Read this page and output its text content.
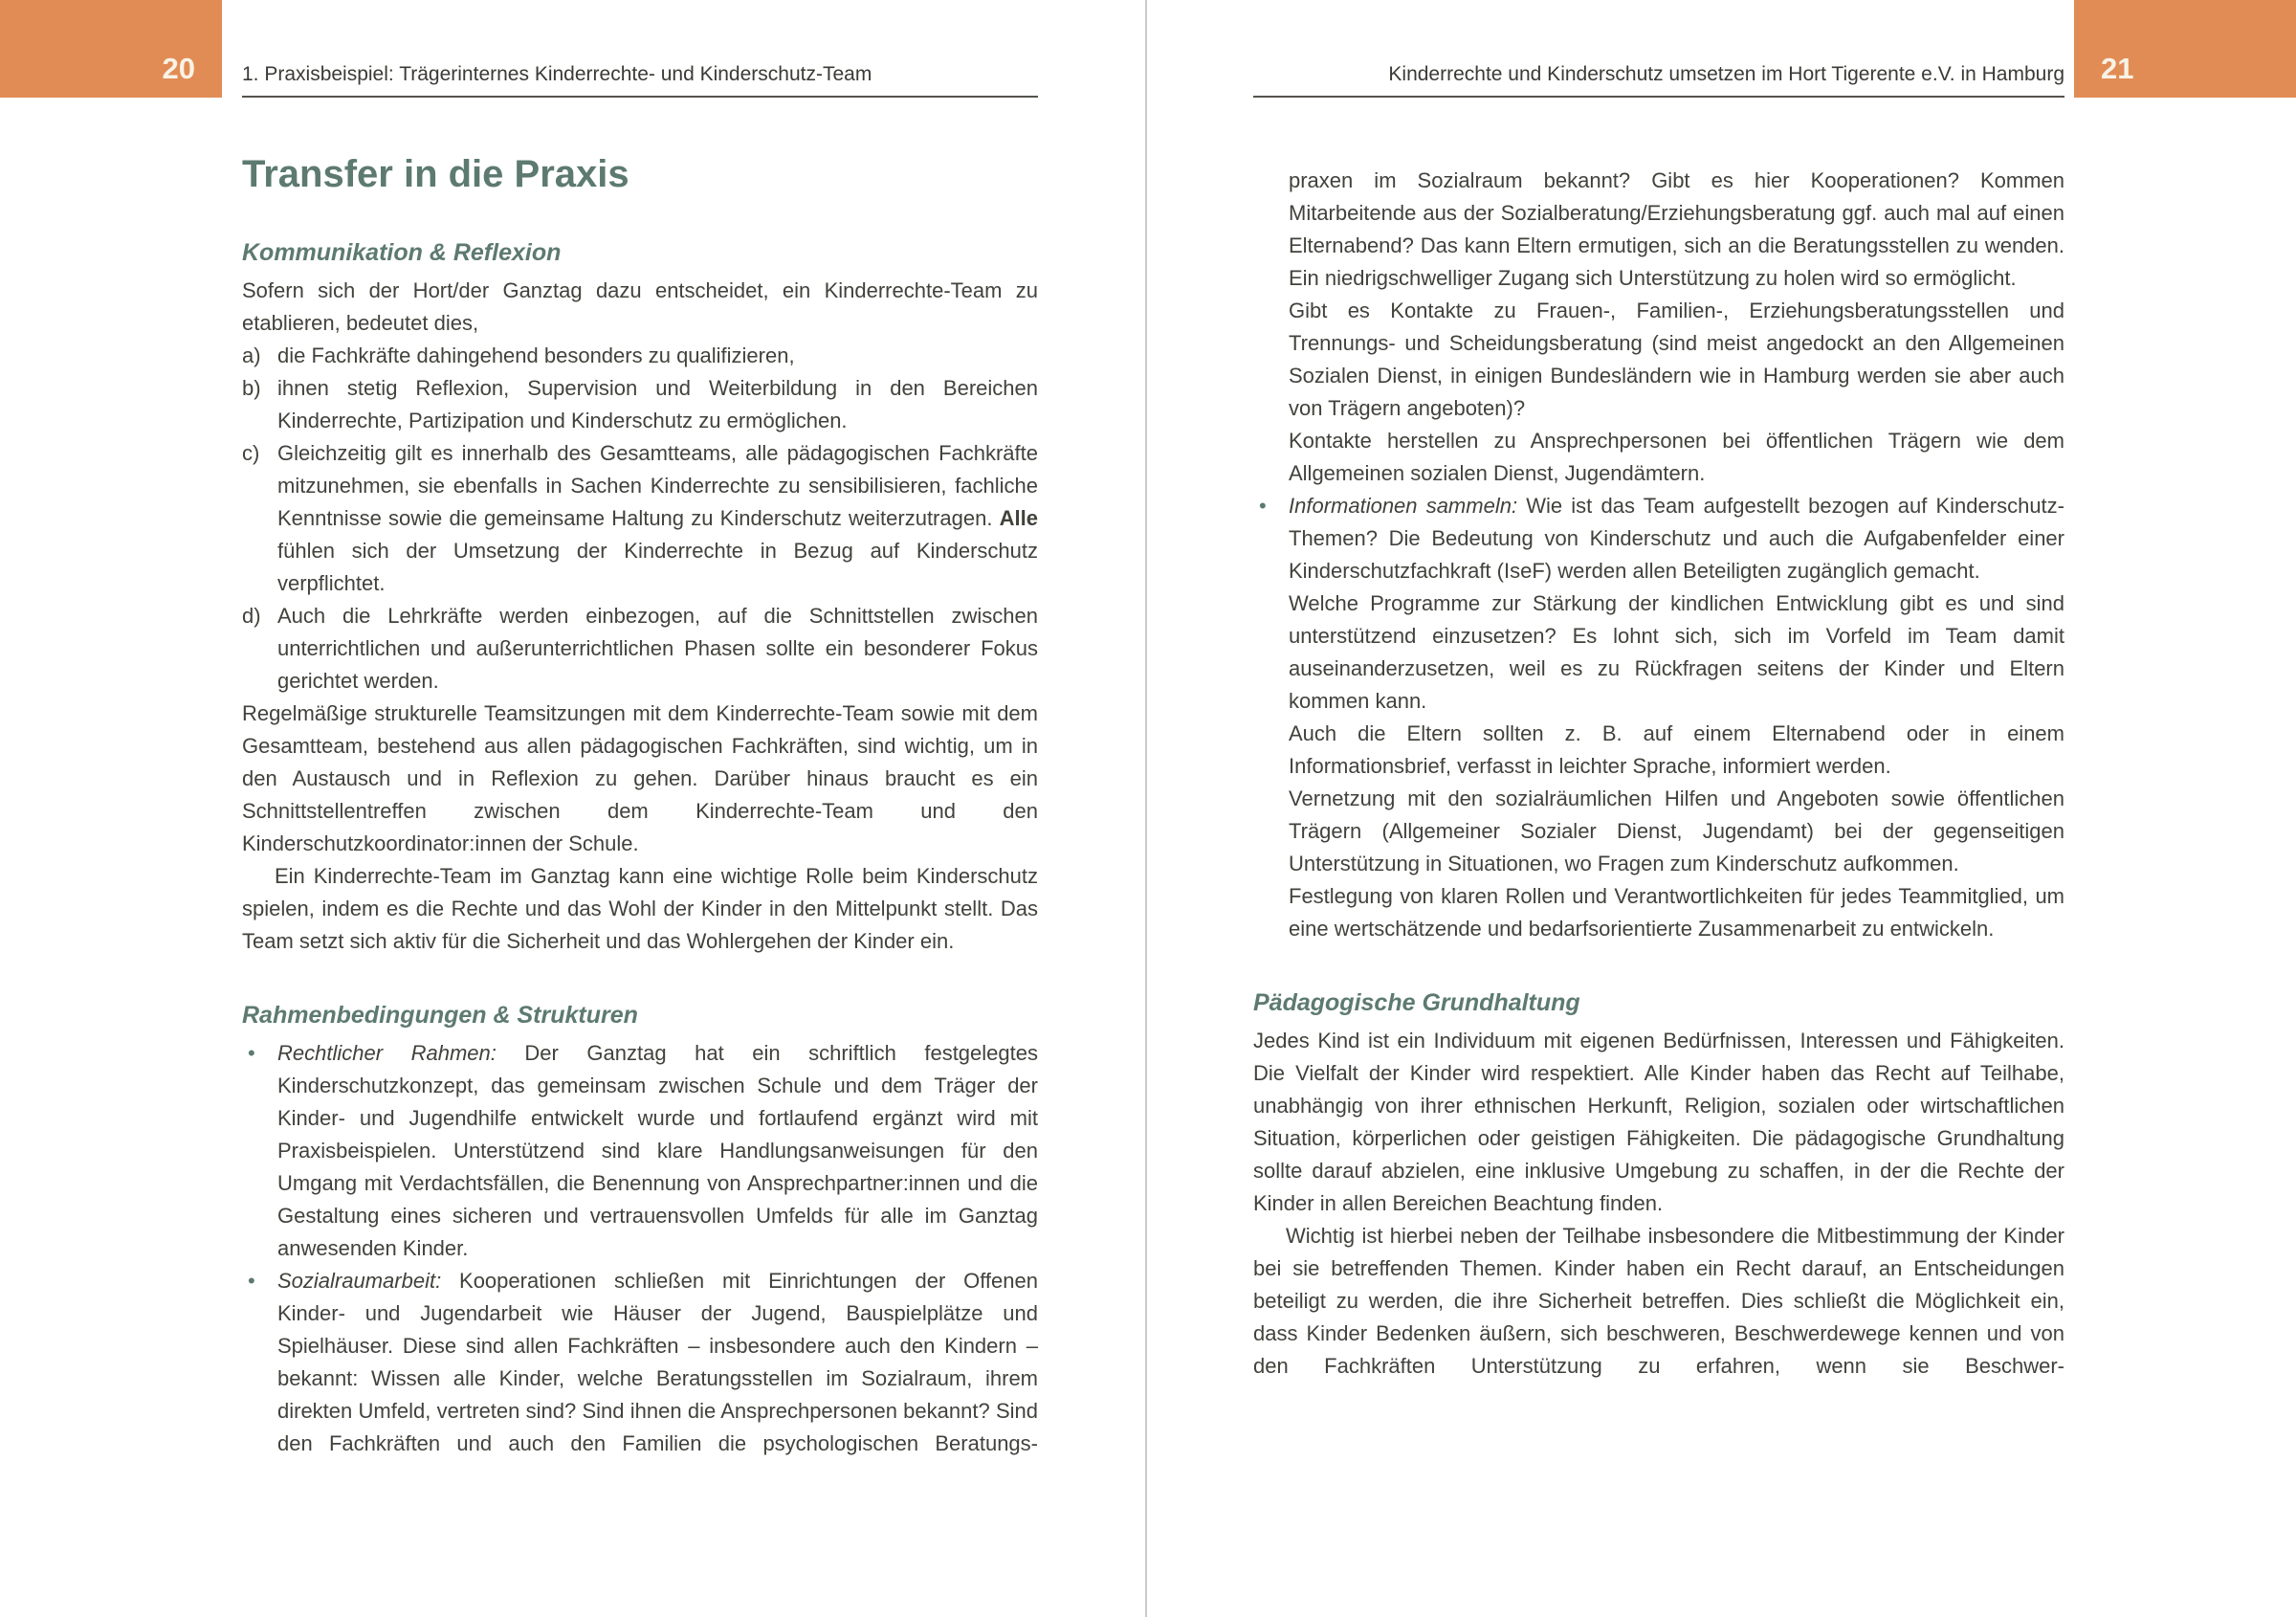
20 1. Praxisbeispiel: Trägerinternes Kinderrechte- und Kinderschutz-Team	Kinderrechte und Kinderschutz umsetzen im Hort Tigerente e.V. in Hamburg 21
Transfer in die Praxis
Kommunikation & Reflexion

Sofern sich der Hort/der Ganztag dazu entscheidet, ein Kinderrechte-Team zu etablieren, bedeutet dies,

a) die Fachkräfte dahingehend besonders zu qualifizieren,

b) ihnen stetig Reflexion, Supervision und Weiterbildung in den Bereichen Kinderrechte, Partizipation und Kinderschutz zu ermöglichen.

c) Gleichzeitig gilt es innerhalb des Gesamtteams, alle pädagogischen Fachkräfte mitzunehmen, sie ebenfalls in Sachen Kinderrechte zu sensibilisieren, fachliche Kenntnisse sowie die gemeinsame Haltung zu Kinderschutz weiterzutragen. Alle fühlen sich der Umsetzung der Kinderrechte in Bezug auf Kinderschutz verpflichtet.

d) Auch die Lehrkräfte werden einbezogen, auf die Schnittstellen zwischen unterrichtlichen und außerunterrichtlichen Phasen sollte ein besonderer Fokus gerichtet werden.

Regelmäßige strukturelle Teamsitzungen mit dem Kinderrechte-Team sowie mit dem Gesamtteam, bestehend aus allen pädagogischen Fachkräften, sind wichtig, um in den Austausch und in Reflexion zu gehen. Darüber hinaus braucht es ein Schnittstellentreffen zwischen dem Kinderrechte-Team und den Kinderschutzkoordinator:innen der Schule.

Ein Kinderrechte-Team im Ganztag kann eine wichtige Rolle beim Kinderschutz spielen, indem es die Rechte und das Wohl der Kinder in den Mittelpunkt stellt. Das Team setzt sich aktiv für die Sicherheit und das Wohlergehen der Kinder ein.

Rahmenbedingungen & Strukturen
•	Rechtlicher Rahmen: Der Ganztag hat ein schriftlich festgelegtes Kinderschutzkonzept, das gemeinsam zwischen Schule und dem Träger der Kinder- und Jugendhilfe entwickelt wurde und fortlaufend ergänzt wird mit Praxisbeispielen. Unterstützend sind klare Handlungsanweisungen für den Umgang mit Verdachtsfällen, die Benennung von Ansprechpartner:innen und die Gestaltung eines sicheren und vertrauensvollen Umfelds für alle im Ganztag anwesenden Kinder.

•	Sozialraumarbeit: Kooperationen schließen mit Einrichtungen der Offenen Kinder- und Jugendarbeit wie Häuser der Jugend, Bauspielplätze und Spielhäuser. Diese sind allen Fachkräften – insbesondere auch den Kindern – bekannt: Wissen alle Kinder, welche Beratungsstellen im Sozialraum, ihrem direkten Umfeld, vertreten sind? Sind ihnen die Ansprechpersonen bekannt? Sind den Fachkräften und auch den Familien die psychologischen Beratungs-

praxen im Sozialraum bekannt? Gibt es hier Kooperationen? Kommen Mitarbeitende aus der Sozialberatung/Erziehungsberatung ggf. auch mal auf einen Elternabend? Das kann Eltern ermutigen, sich an die Beratungsstellen zu wenden. Ein niedrigschwelliger Zugang sich Unterstützung zu holen wird so ermöglicht.

Gibt es Kontakte zu Frauen-, Familien-, Erziehungsberatungsstellen und Trennungs- und Scheidungsberatung (sind meist angedockt an den Allgemeinen Sozialen Dienst, in einigen Bundesländern wie in Hamburg werden sie aber auch von Trägern angeboten)?

Kontakte herstellen zu Ansprechpersonen bei öffentlichen Trägern wie dem Allgemeinen sozialen Dienst, Jugendämtern.

•	Informationen sammeln: Wie ist das Team aufgestellt bezogen auf Kinderschutz-Themen? Die Bedeutung von Kinderschutz und auch die Aufgabenfelder einer Kinderschutzfachkraft (IseF) werden allen Beteiligten zugänglich gemacht.

Welche Programme zur Stärkung der kindlichen Entwicklung gibt es und sind unterstützend einzusetzen? Es lohnt sich, sich im Vorfeld im Team damit auseinanderzusetzen, weil es zu Rückfragen seitens der Kinder und Eltern kommen kann.

Auch die Eltern sollten z. B. auf einem Elternabend oder in einem Informationsbrief, verfasst in leichter Sprache, informiert werden.

Vernetzung mit den sozialräumlichen Hilfen und Angeboten sowie öffentlichen Trägern (Allgemeiner Sozialer Dienst, Jugendamt) bei der gegenseitigen Unterstützung in Situationen, wo Fragen zum Kinderschutz aufkommen.

Festlegung von klaren Rollen und Verantwortlichkeiten für jedes Teammitglied, um eine wertschätzende und bedarfsorientierte Zusammenarbeit zu entwickeln.

Pädagogische Grundhaltung

Jedes Kind ist ein Individuum mit eigenen Bedürfnissen, Interessen und Fähigkeiten. Die Vielfalt der Kinder wird respektiert. Alle Kinder haben das Recht auf Teilhabe, unabhängig von ihrer ethnischen Herkunft, Religion, sozialen oder wirtschaftlichen Situation, körperlichen oder geistigen Fähigkeiten. Die pädagogische Grundhaltung sollte darauf abzielen, eine inklusive Umgebung zu schaffen, in der die Rechte der Kinder in allen Bereichen Beachtung finden.

Wichtig ist hierbei neben der Teilhabe insbesondere die Mitbestimmung der Kinder bei sie betreffenden Themen. Kinder haben ein Recht darauf, an Entscheidungen beteiligt zu werden, die ihre Sicherheit betreffen. Dies schließt die Möglichkeit ein, dass Kinder Bedenken äußern, sich beschweren, Beschwerdewege kennen und von den Fachkräften Unterstützung zu erfahren, wenn sie Beschwer-
